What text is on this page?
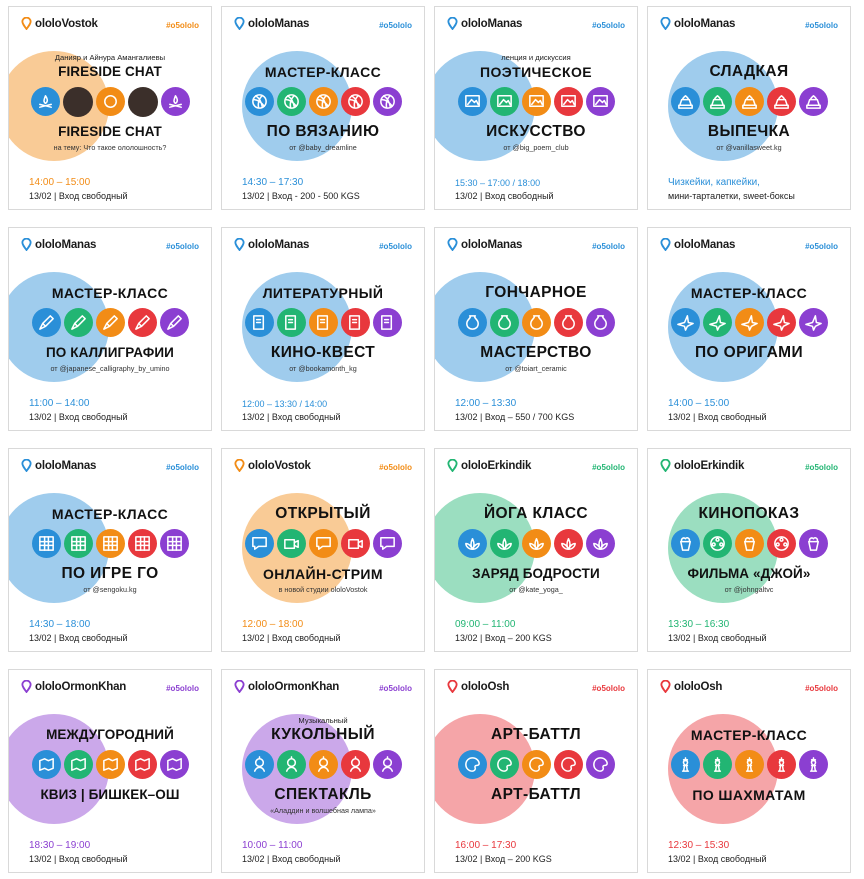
ololoVostok	#o5ololo
Данияр и Айнура Амангалиевы
FIRESIDE CHAT
FIRESIDE CHAT
на тему: Что такое ололошность?
14:00 – 15:00
13/02 | Вход свободный
ololoManas	#o5ololo
МАСТЕР-КЛАСС
ПО ВЯЗАНИЮ
от @baby_dreamline
14:30 – 17:30
13/02 | Вход - 200 - 500 KGS
ololoManas	#o5ololo
ленция и дискуссия
ПОЭТИЧЕСКОЕ
ИСКУССТВО
от @big_poem_club
15:30 – 17:00 / 18:00
13/02 | Вход свободный
ololoManas	#o5ololo
СЛАДКАЯ
ВЫПЕЧКА
от @vanillasweet.kg
Чизкейки, капкейки,
мини-тарталетки, sweet-боксы
ololoManas	#o5ololo
МАСТЕР-КЛАСС
ПО КАЛЛИГРАФИИ
от @japanese_calligraphy_by_umino
11:00 – 14:00
13/02 | Вход свободный
ololoManas	#o5ololo
ЛИТЕРАТУРНЫЙ
КИНО-КВЕСТ
от @bookamonth_kg
12:00 – 13:30 / 14:00
13/02 | Вход свободный
ololoManas	#o5ololo
ГОНЧАРНОЕ
МАСТЕРСТВО
от @toiart_ceramic
12:00 – 13:30
13/02 | Вход – 550 / 700 KGS
ololoManas	#o5ololo
МАСТЕР-КЛАСС
ПО ОРИГАМИ
14:00 – 15:00
13/02 | Вход свободный
ololoManas	#o5ololo
МАСТЕР-КЛАСС
ПО ИГРЕ ГО
от @sengoku.kg
14:30 – 18:00
13/02 | Вход свободный
ololoVostok	#o5ololo
ОТКРЫТЫЙ
ОНЛАЙН-СТРИМ
в новой студии ololoVostok
12:00 – 18:00
13/02 | Вход свободный
ololoErkindik	#o5ololo
ЙОГА КЛАСС
ЗАРЯД БОДРОСТИ
от @kate_yoga_
09:00 – 11:00
13/02 | Вход – 200 KGS
ololoErkindik	#o5ololo
КИНОПОКАЗ
ФИЛЬМА «ДЖОЙ»
от @johngaltvc
13:30 – 16:30
13/02 | Вход свободный
ololoOrmonKhan	#o5ololo
МЕЖДУГОРОДНИЙ
КВИЗ | БИШКЕК–ОШ
18:30 – 19:00
13/02 | Вход свободный
ololoOrmonKhan	#o5ololo
Музыкальный
КУКОЛЬНЫЙ
СПЕКТАКЛЬ
«Аладдин и волшебная лампа»
10:00 – 11:00
13/02 | Вход свободный
ololoOsh	#o5ololo
АРТ-БАТТЛ
АРТ-БАТТЛ
16:00 – 17:30
13/02 | Вход – 200 KGS
ololoOsh	#o5ololo
МАСТЕР-КЛАСС
ПО ШАХМАТАМ
12:30 – 15:30
13/02 | Вход свободный
